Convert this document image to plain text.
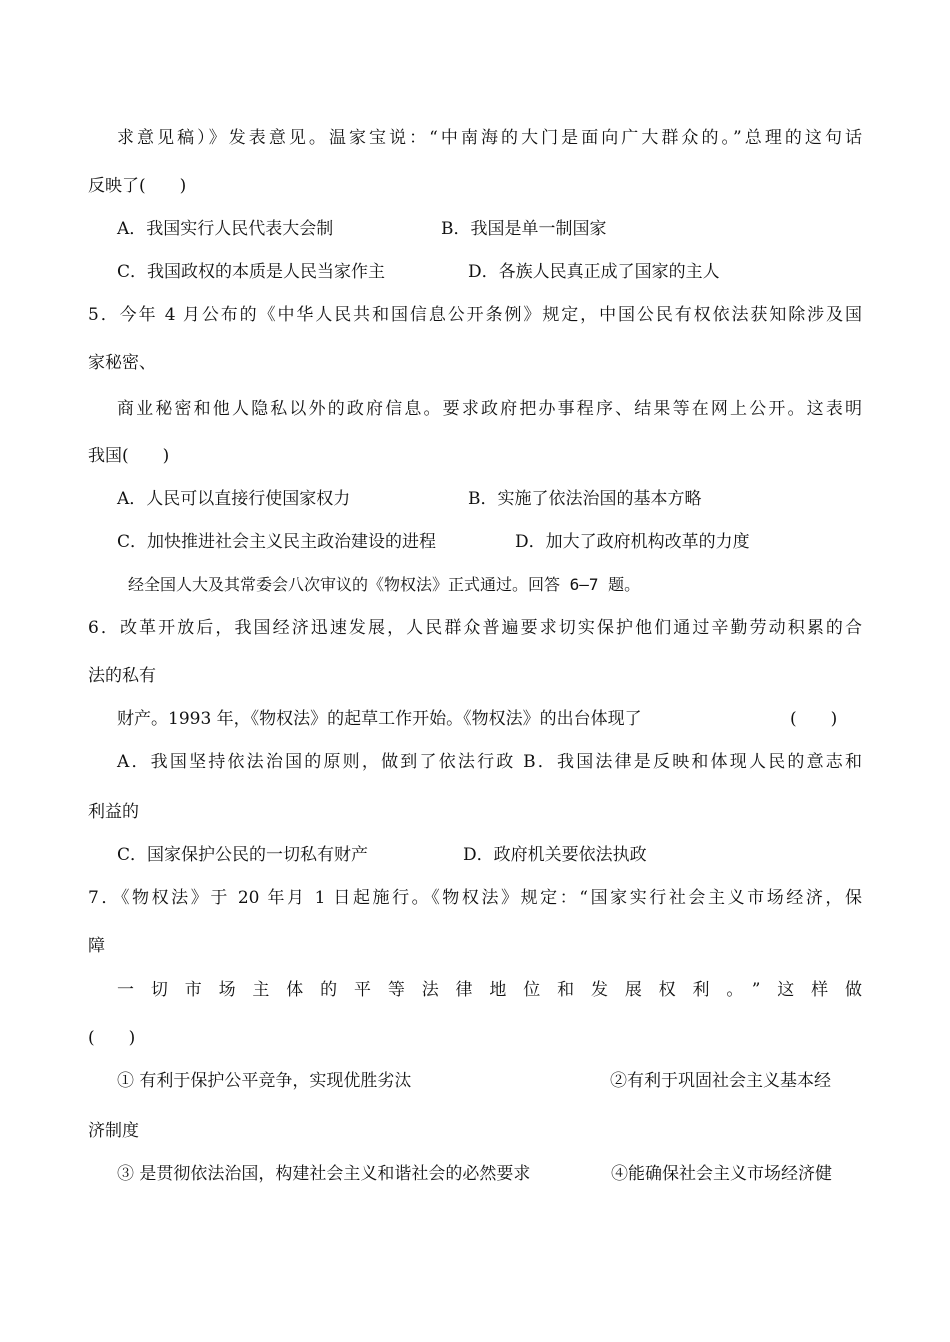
求意见稿）》发表意见。温家宝说：“中南海的大门是面向广大群众的。”总理的这句话
反映了(　　)
A．我国实行人民代表大会制	B．我国是单一制国家
C．我国政权的本质是人民当家作主	D．各族人民真正成了国家的主人
5．今年 4 月公布的《中华人民共和国信息公开条例》规定，中国公民有权依法获知除涉及国
家秘密、
商业秘密和他人隐私以外的政府信息。要求政府把办事程序、结果等在网上公开。这表明
我国(　　)
A．人民可以直接行使国家权力	B．实施了依法治国的基本方略
C．加快推进社会主义民主政治建设的进程	D．加大了政府机构改革的力度
经全国人大及其常委会八次审议的《物权法》正式通过。回答 6—7 题。
6．改革开放后，我国经济迅速发展，人民群众普遍要求切实保护他们通过辛勤劳动积累的合
法的私有
财产。1993 年，《物权法》的起草工作开始。《物权法》的出台体现了	(　　)
A．我国坚持依法治国的原则，做到了依法行政 B．我国法律是反映和体现人民的意志和
利益的
C．国家保护公民的一切私有财产	D．政府机关要依法执政
7．《物权法》于 20 年月 1 日起施行。《物权法》规定：“国家实行社会主义市场经济，保
障
一切市场主体的平等法律地位和发展权利。”这样做
(　　)
① 有利于保护公平竞争，实现优胜劣汰	②有利于巩固社会主义基本经
济制度
③ 是贯彻依法治国，构建社会主义和谐社会的必然要求	④能确保社会主义市场经济健
